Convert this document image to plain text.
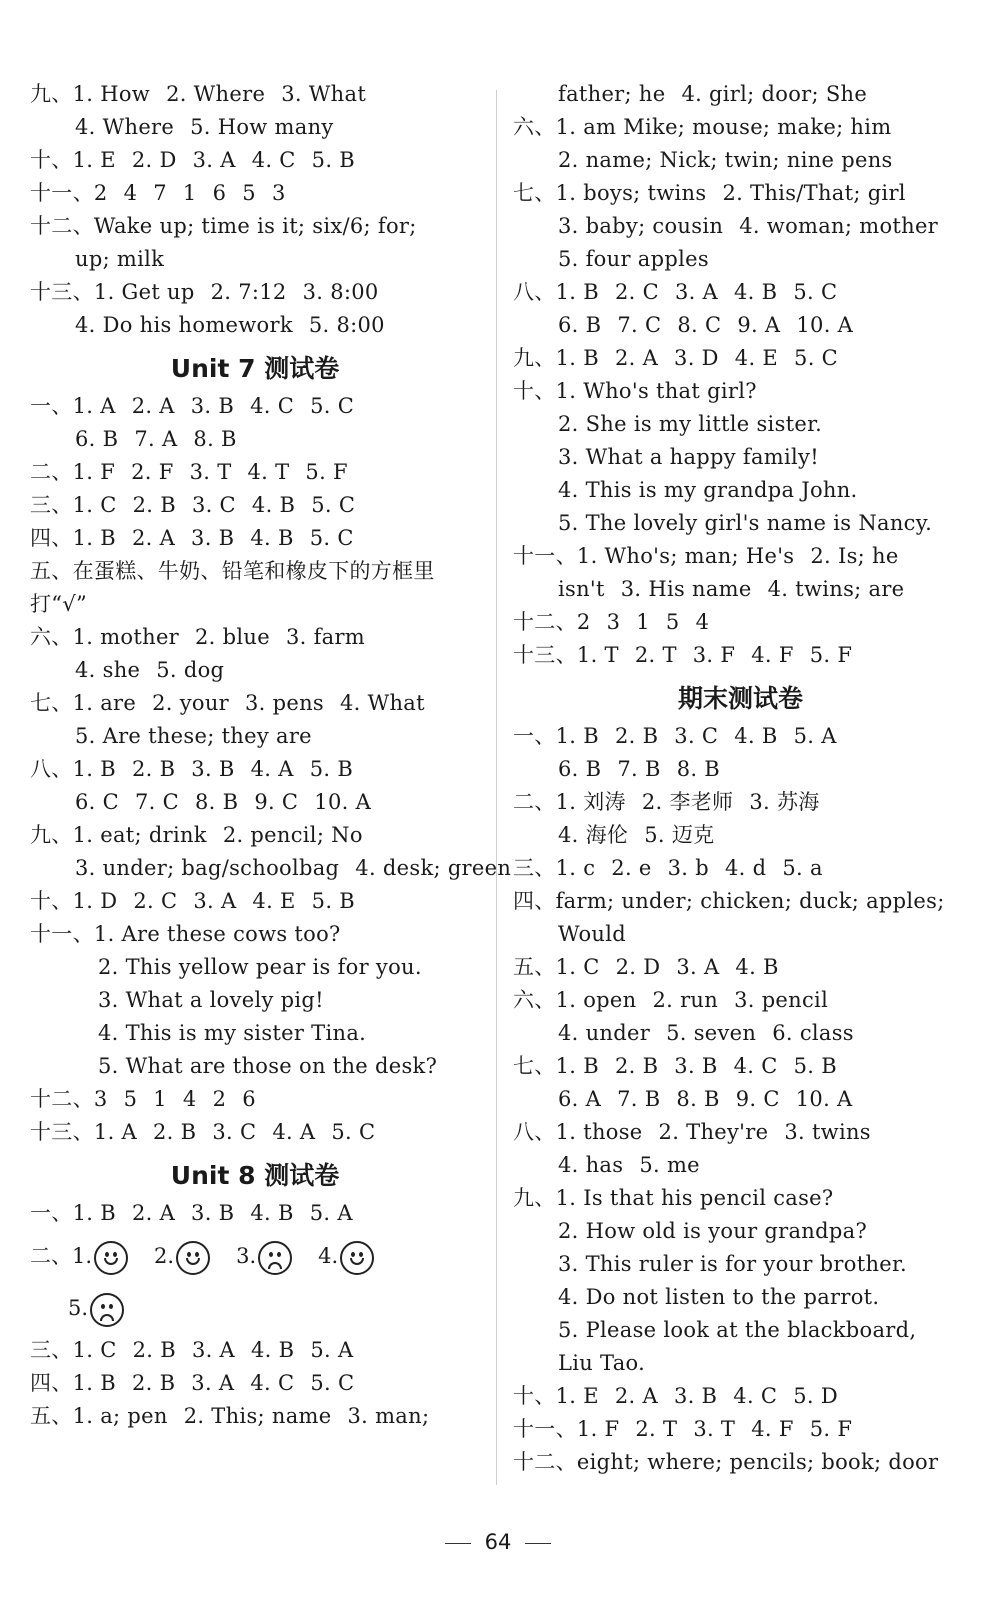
九、1. How 2. Where 3. What
4. Where 5. How many
十、1. E 2. D 3. A 4. C 5. B
十一、2 4 7 1 6 5 3
十二、Wake up; time is it; six/6; for;
up; milk
十三、1. Get up 2. 7:12 3. 8:00
4. Do his homework 5. 8:00
Unit 7 测试卷
一、1. A 2. A 3. B 4. C 5. C
6. B 7. A 8. B
二、1. F 2. F 3. T 4. T 5. F
三、1. C 2. B 3. C 4. B 5. C
四、1. B 2. A 3. B 4. B 5. C
五、在蛋糕、牛奶、铅笔和橡皮下的方框里
打“√”
六、1. mother 2. blue 3. farm
4. she 5. dog
七、1. are 2. your 3. pens 4. What
5. Are these; they are
八、1. B 2. B 3. B 4. A 5. B
6. C 7. C 8. B 9. C 10. A
九、1. eat; drink 2. pencil; No
3. under; bag/schoolbag 4. desk; green
十、1. D 2. C 3. A 4. E 5. B
十一、1. Are these cows too?
2. This yellow pear is for you.
3. What a lovely pig!
4. This is my sister Tina.
5. What are those on the desk?
十二、3 5 1 4 2 6
十三、1. A 2. B 3. C 4. A 5. C
Unit 8 测试卷
一、1. B 2. A 3. B 4. B 5. A
二、1.	2.	3.	4.
5.
三、1. C 2. B 3. A 4. B 5. A
四、1. B 2. B 3. A 4. C 5. C
五、1. a; pen 2. This; name 3. man;
father; he 4. girl; door; She
六、1. am Mike; mouse; make; him
2. name; Nick; twin; nine pens
七、1. boys; twins 2. This/That; girl
3. baby; cousin 4. woman; mother
5. four apples
八、1. B 2. C 3. A 4. B 5. C
6. B 7. C 8. C 9. A 10. A
九、1. B 2. A 3. D 4. E 5. C
十、1. Who's that girl?
2. She is my little sister.
3. What a happy family!
4. This is my grandpa John.
5. The lovely girl's name is Nancy.
十一、1. Who's; man; He's 2. Is; he
isn't 3. His name 4. twins; are
十二、2 3 1 5 4
十三、1. T 2. T 3. F 4. F 5. F
期末测试卷
一、1. B 2. B 3. C 4. B 5. A
6. B 7. B 8. B
二、1. 刘涛 2. 李老师 3. 苏海
4. 海伦 5. 迈克
三、1. c 2. e 3. b 4. d 5. a
四、farm; under; chicken; duck; apples;
Would
五、1. C 2. D 3. A 4. B
六、1. open 2. run 3. pencil
4. under 5. seven 6. class
七、1. B 2. B 3. B 4. C 5. B
6. A 7. B 8. B 9. C 10. A
八、1. those 2. They're 3. twins
4. has 5. me
九、1. Is that his pencil case?
2. How old is your grandpa?
3. This ruler is for your brother.
4. Do not listen to the parrot.
5. Please look at the blackboard,
Liu Tao.
十、1. E 2. A 3. B 4. C 5. D
十一、1. F 2. T 3. T 4. F 5. F
十二、eight; where; pencils; book; door
64
